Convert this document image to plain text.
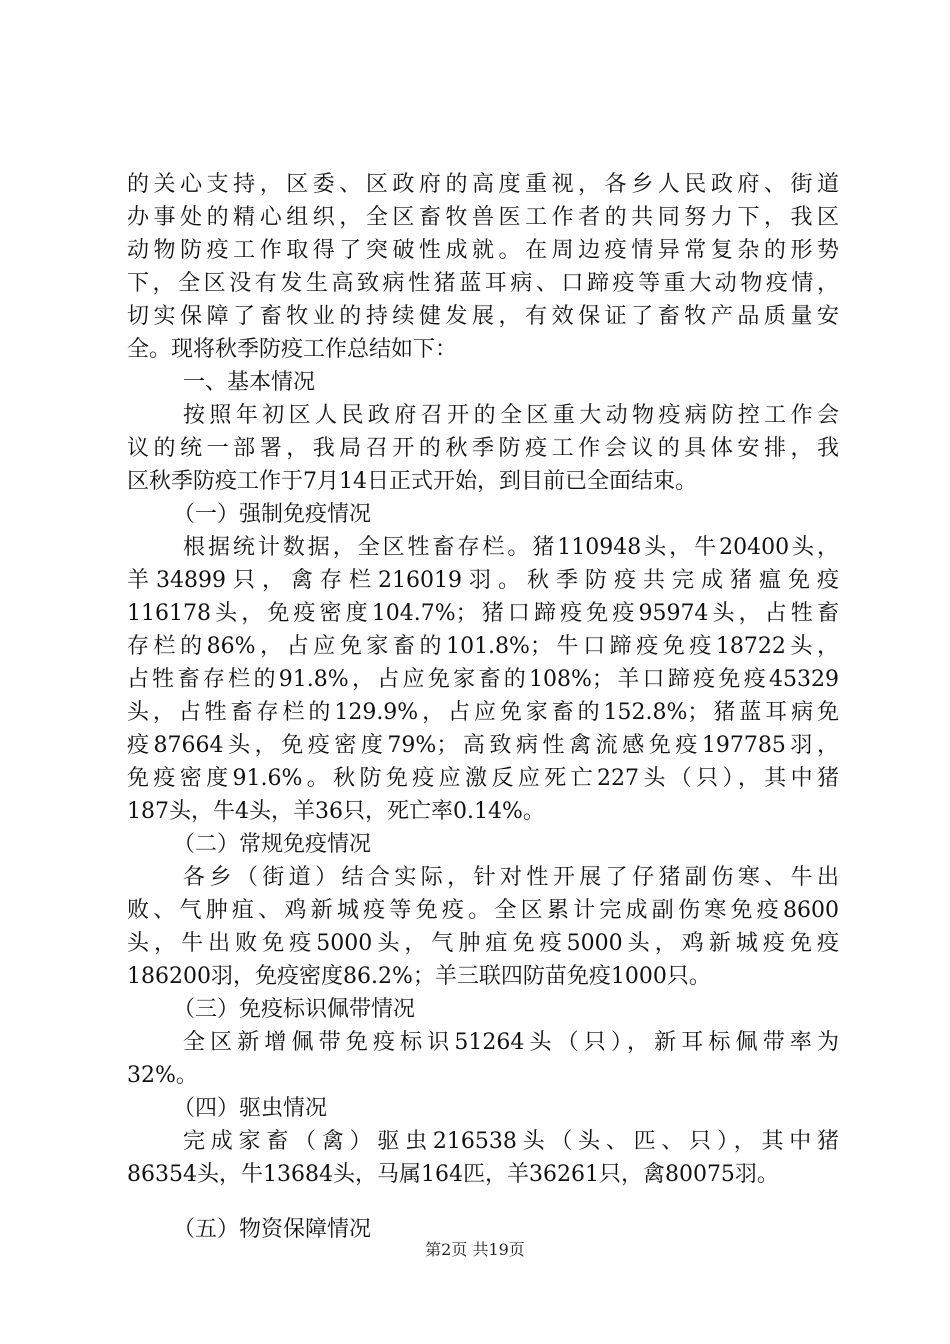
的关心支持，区委、区政府的高度重视，各乡人民政府、街道
办事处的精心组织，全区畜牧兽医工作者的共同努力下，我区
动物防疫工作取得了突破性成就。在周边疫情异常复杂的形势
下，全区没有发生高致病性猪蓝耳病、口蹄疫等重大动物疫情，
切实保障了畜牧业的持续健发展，有效保证了畜牧产品质量安
全。现将秋季防疫工作总结如下：
一、基本情况
按照年初区人民政府召开的全区重大动物疫病防控工作会
议的统一部署，我局召开的秋季防疫工作会议的具体安排，我
区秋季防疫工作于7月14日正式开始，到目前已全面结束。
（一）强制免疫情况
根据统计数据，全区牲畜存栏。猪110948头，牛20400头，
羊34899只，禽存栏216019羽。秋季防疫共完成猪瘟免疫
116178头，免疫密度104.7%；猪口蹄疫免疫95974头，占牲畜
存栏的86%，占应免家畜的101.8%；牛口蹄疫免疫18722头，
占牲畜存栏的91.8%，占应免家畜的108%；羊口蹄疫免疫45329
头，占牲畜存栏的129.9%，占应免家畜的152.8%；猪蓝耳病免
疫87664头，免疫密度79%；高致病性禽流感免疫197785羽，
免疫密度91.6%。秋防免疫应激反应死亡227头（只），其中猪
187头，牛4头，羊36只，死亡率0.14%。
（二）常规免疫情况
各乡（街道）结合实际，针对性开展了仔猪副伤寒、牛出
败、气肿疽、鸡新城疫等免疫。全区累计完成副伤寒免疫8600
头，牛出败免疫5000头，气肿疽免疫5000头，鸡新城疫免疫
186200羽，免疫密度86.2%；羊三联四防苗免疫1000只。
（三）免疫标识佩带情况
全区新增佩带免疫标识51264头（只），新耳标佩带率为
32%。
（四）驱虫情况
完成家畜（禽）驱虫216538头（头、匹、只），其中猪
86354头，牛13684头，马属164匹，羊36261只，禽80075羽。
（五）物资保障情况
第2页 共19页
